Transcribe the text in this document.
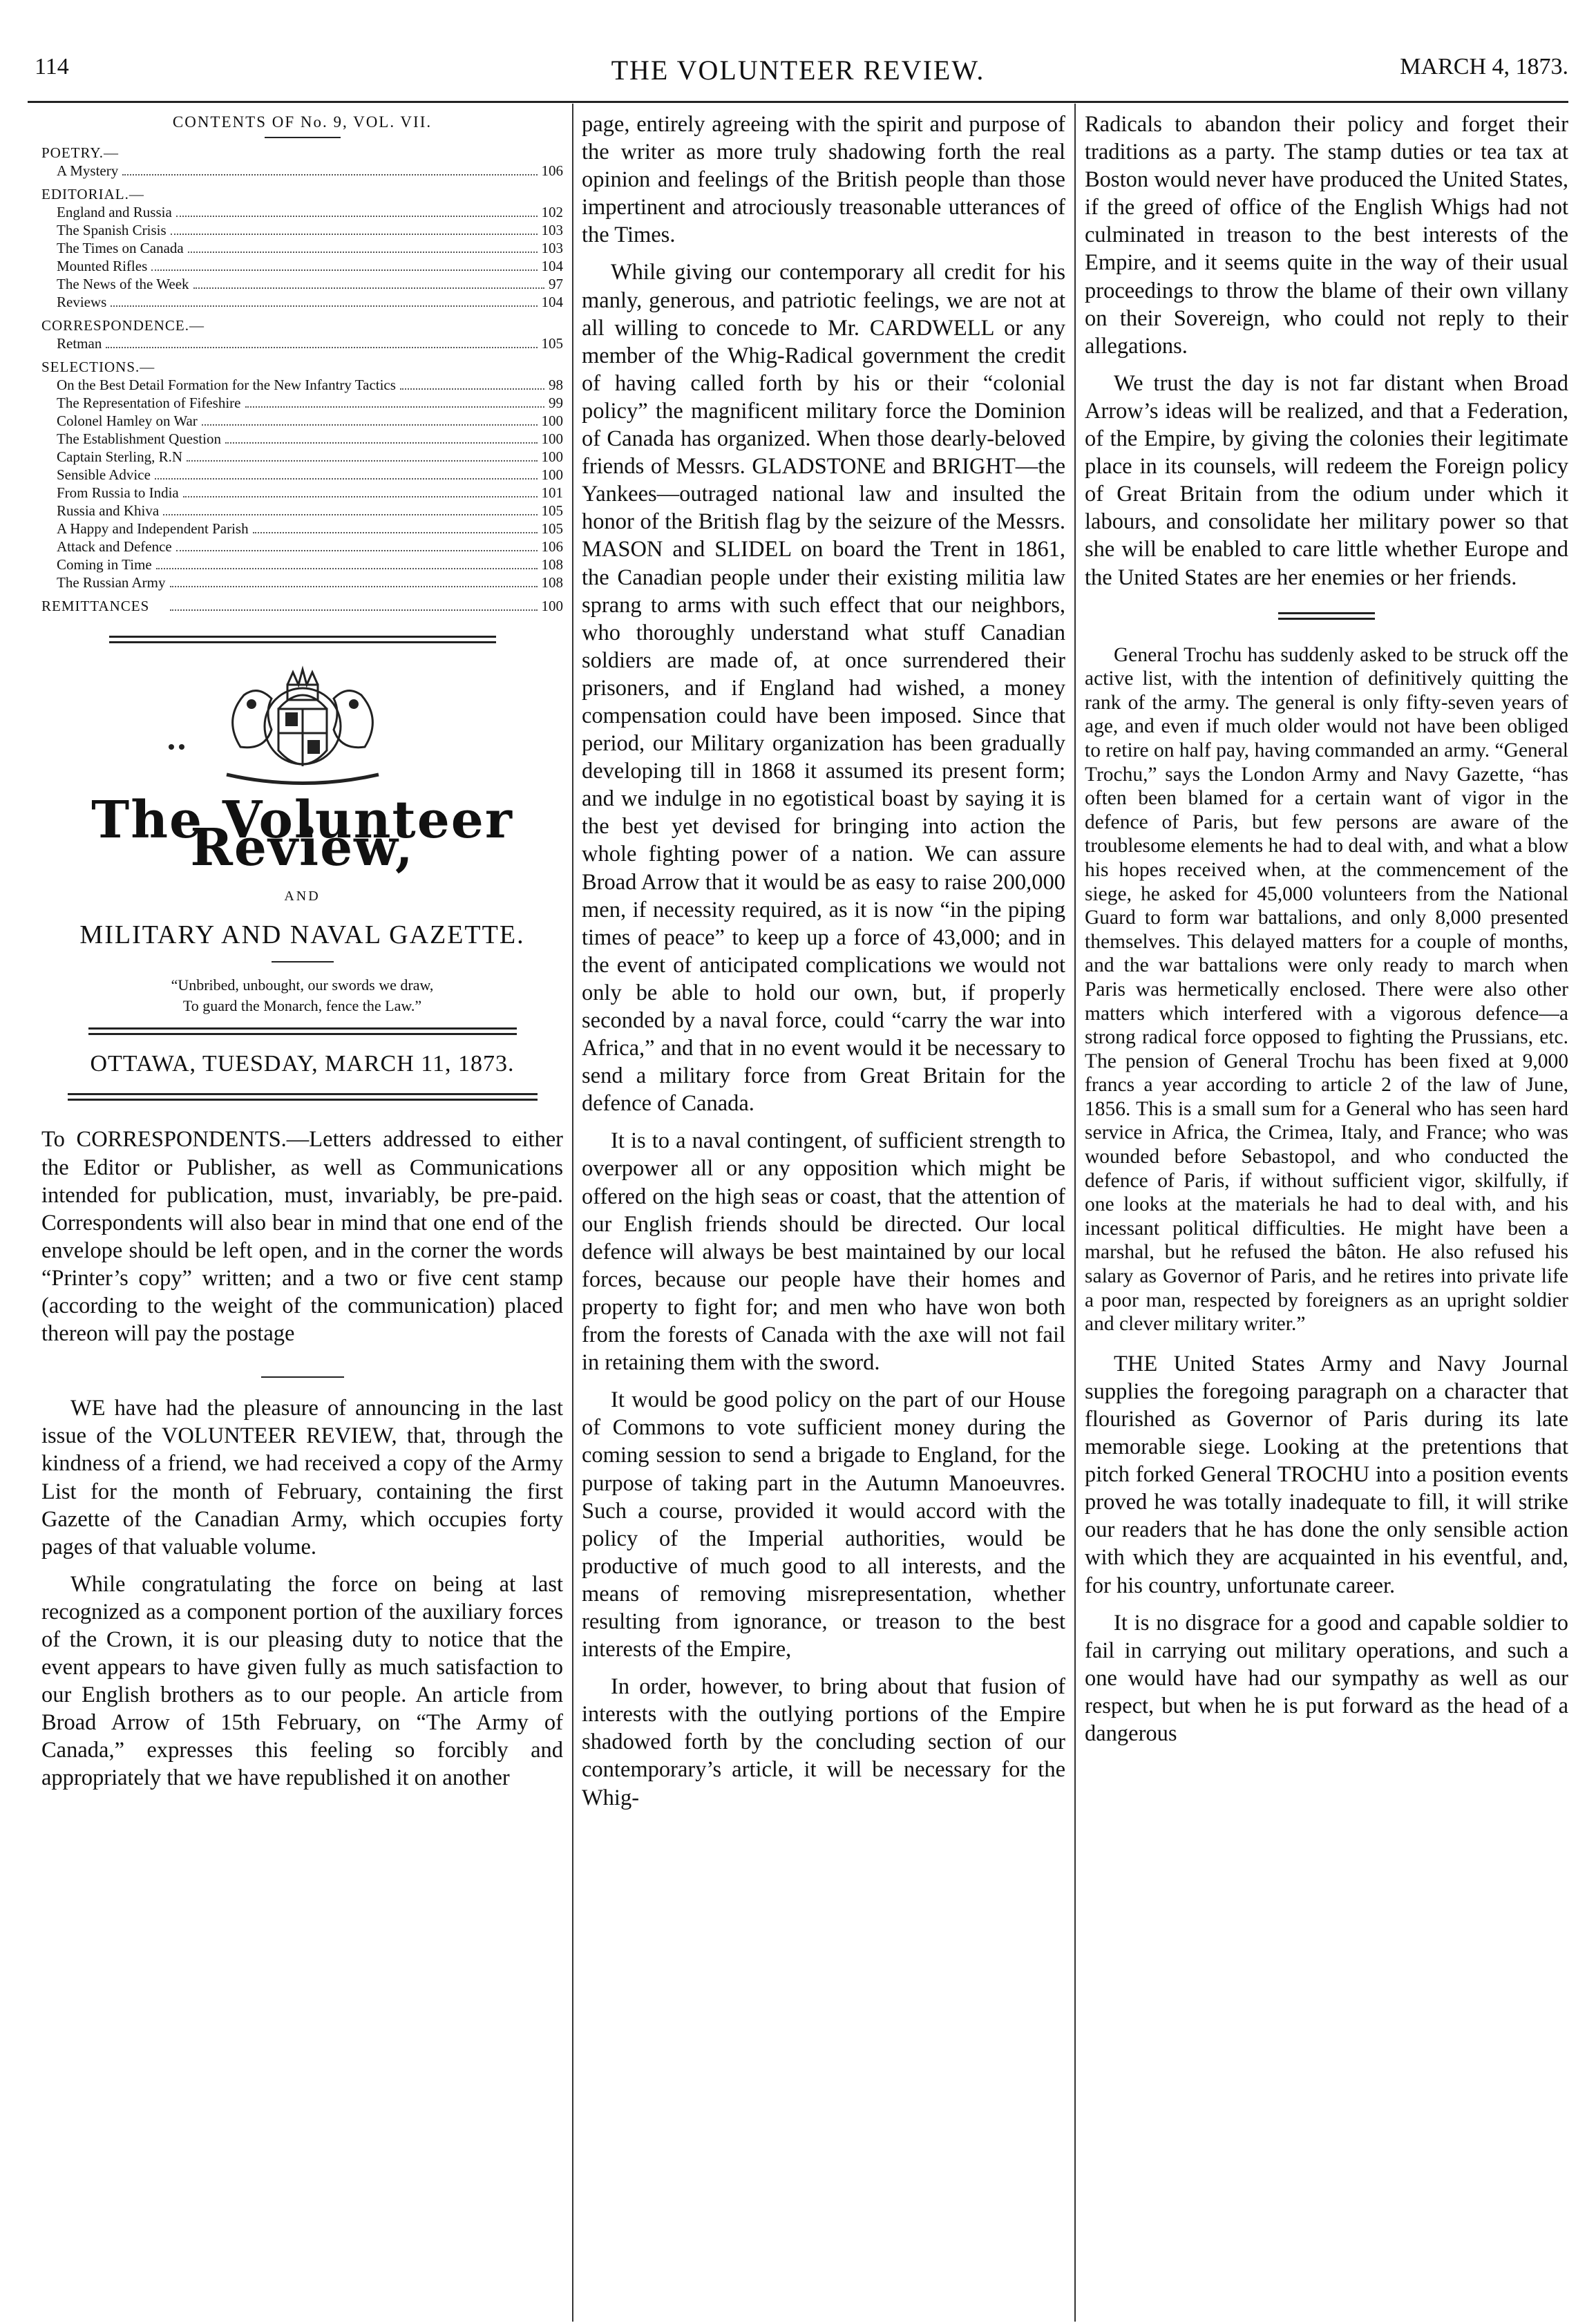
114	THE VOLUNTEER REVIEW.	MARCH 4, 1873.
CONTENTS OF No. 9, VOL. VII.
POETRY.—
A Mystery	106
EDITORIAL.—
England and Russia	102
The Spanish Crisis	103
The Times on Canada	103
Mounted Rifles	104
The News of the Week	97
Reviews	104
CORRESPONDENCE.—
Retman	105
SELECTIONS.—
On the Best Detail Formation for the New Infantry Tactics	98
The Representation of Fifeshire	99
Colonel Hamley on War	100
The Establishment Question	100
Captain Sterling, R.N	100
Sensible Advice	100
From Russia to India	101
Russia and Khiva	105
A Happy and Independent Parish	105
Attack and Defence	106
Coming in Time	108
The Russian Army	108
REMITTANCES	100
The Volunteer Review,
AND
MILITARY AND NAVAL GAZETTE.
“Unbribed, unbought, our swords we draw,
To guard the Monarch, fence the Law.”
OTTAWA, TUESDAY, MARCH 11, 1873.

To CORRESPONDENTS.—Letters addressed to either the Editor or Publisher, as well as Communications intended for publication, must, invariably, be pre-paid. Correspondents will also bear in mind that one end of the envelope should be left open, and in the corner the words “Printer’s copy” written; and a two or five cent stamp (according to the weight of the communication) placed thereon will pay the postage

WE have had the pleasure of announcing in the last issue of the VOLUNTEER REVIEW, that, through the kindness of a friend, we had received a copy of the Army List for the month of February, containing the first Gazette of the Canadian Army, which occupies forty pages of that valuable volume.

While congratulating the force on being at last recognized as a component portion of the auxiliary forces of the Crown, it is our pleasing duty to notice that the event appears to have given fully as much satisfaction to our English brothers as to our people. An article from Broad Arrow of 15th February, on “The Army of Canada,” expresses this feeling so forcibly and appropriately that we have republished it on another

page, entirely agreeing with the spirit and purpose of the writer as more truly shadowing forth the real opinion and feelings of the British people than those impertinent and atrociously treasonable utterances of the Times.

While giving our contemporary all credit for his manly, generous, and patriotic feelings, we are not at all willing to concede to Mr. CARDWELL or any member of the Whig-Radical government the credit of having called forth by his or their “colonial policy” the magnificent military force the Dominion of Canada has organized. When those dearly-beloved friends of Messrs. GLADSTONE and BRIGHT—the Yankees—outraged national law and insulted the honor of the British flag by the seizure of the Messrs. MASON and SLIDEL on board the Trent in 1861, the Canadian people under their existing militia law sprang to arms with such effect that our neighbors, who thoroughly understand what stuff Canadian soldiers are made of, at once surrendered their prisoners, and if England had wished, a money compensation could have been imposed. Since that period, our Military organization has been gradually developing till in 1868 it assumed its present form; and we indulge in no egotistical boast by saying it is the best yet devised for bringing into action the whole fighting power of a nation. We can assure Broad Arrow that it would be as easy to raise 200,000 men, if necessity required, as it is now “in the piping times of peace” to keep up a force of 43,000; and in the event of anticipated complications we would not only be able to hold our own, but, if properly seconded by a naval force, could “carry the war into Africa,” and that in no event would it be necessary to send a military force from Great Britain for the defence of Canada.

It is to a naval contingent, of sufficient strength to overpower all or any opposition which might be offered on the high seas or coast, that the attention of our English friends should be directed. Our local defence will always be best maintained by our local forces, because our people have their homes and property to fight for; and men who have won both from the forests of Canada with the axe will not fail in retaining them with the sword.

It would be good policy on the part of our House of Commons to vote sufficient money during the coming session to send a brigade to England, for the purpose of taking part in the Autumn Manoeuvres. Such a course, provided it would accord with the policy of the Imperial authorities, would be productive of much good to all interests, and the means of removing misrepresentation, whether resulting from ignorance, or treason to the best interests of the Empire,

In order, however, to bring about that fusion of interests with the outlying portions of the Empire shadowed forth by the concluding section of our contemporary’s article, it will be necessary for the Whig-

Radicals to abandon their policy and forget their traditions as a party. The stamp duties or tea tax at Boston would never have produced the United States, if the greed of office of the English Whigs had not culminated in treason to the best interests of the Empire, and it seems quite in the way of their usual proceedings to throw the blame of their own villany on their Sovereign, who could not reply to their allegations.

We trust the day is not far distant when Broad Arrow’s ideas will be realized, and that a Federation, of the Empire, by giving the colonies their legitimate place in its counsels, will redeem the Foreign policy of Great Britain from the odium under which it labours, and consolidate her military power so that she will be enabled to care little whether Europe and the United States are her enemies or her friends.

General Trochu has suddenly asked to be struck off the active list, with the intention of definitively quitting the rank of the army. The general is only fifty-seven years of age, and even if much older would not have been obliged to retire on half pay, having commanded an army. “General Trochu,” says the London Army and Navy Gazette, “has often been blamed for a certain want of vigor in the defence of Paris, but few persons are aware of the troublesome elements he had to deal with, and what a blow his hopes received when, at the commencement of the siege, he asked for 45,000 volunteers from the National Guard to form war battalions, and only 8,000 presented themselves. This delayed matters for a couple of months, and the war battalions were only ready to march when Paris was hermetically enclosed. There were also other matters which interfered with a vigorous defence—a strong radical force opposed to fighting the Prussians, etc. The pension of General Trochu has been fixed at 9,000 francs a year according to article 2 of the law of June, 1856. This is a small sum for a General who has seen hard service in Africa, the Crimea, Italy, and France; who was wounded before Sebastopol, and who conducted the defence of Paris, if without sufficient vigor, skilfully, if one looks at the materials he had to deal with, and his incessant political difficulties. He might have been a marshal, but he refused the bâton. He also refused his salary as Governor of Paris, and he retires into private life a poor man, respected by foreigners as an upright soldier and clever military writer.”

THE United States Army and Navy Journal supplies the foregoing paragraph on a character that flourished as Governor of Paris during its late memorable siege. Looking at the pretentions that pitch forked General TROCHU into a position events proved he was totally inadequate to fill, it will strike our readers that he has done the only sensible action with which they are acquainted in his eventful, and, for his country, unfortunate career.

It is no disgrace for a good and capable soldier to fail in carrying out military operations, and such a one would have had our sympathy as well as our respect, but when he is put forward as the head of a dangerous
